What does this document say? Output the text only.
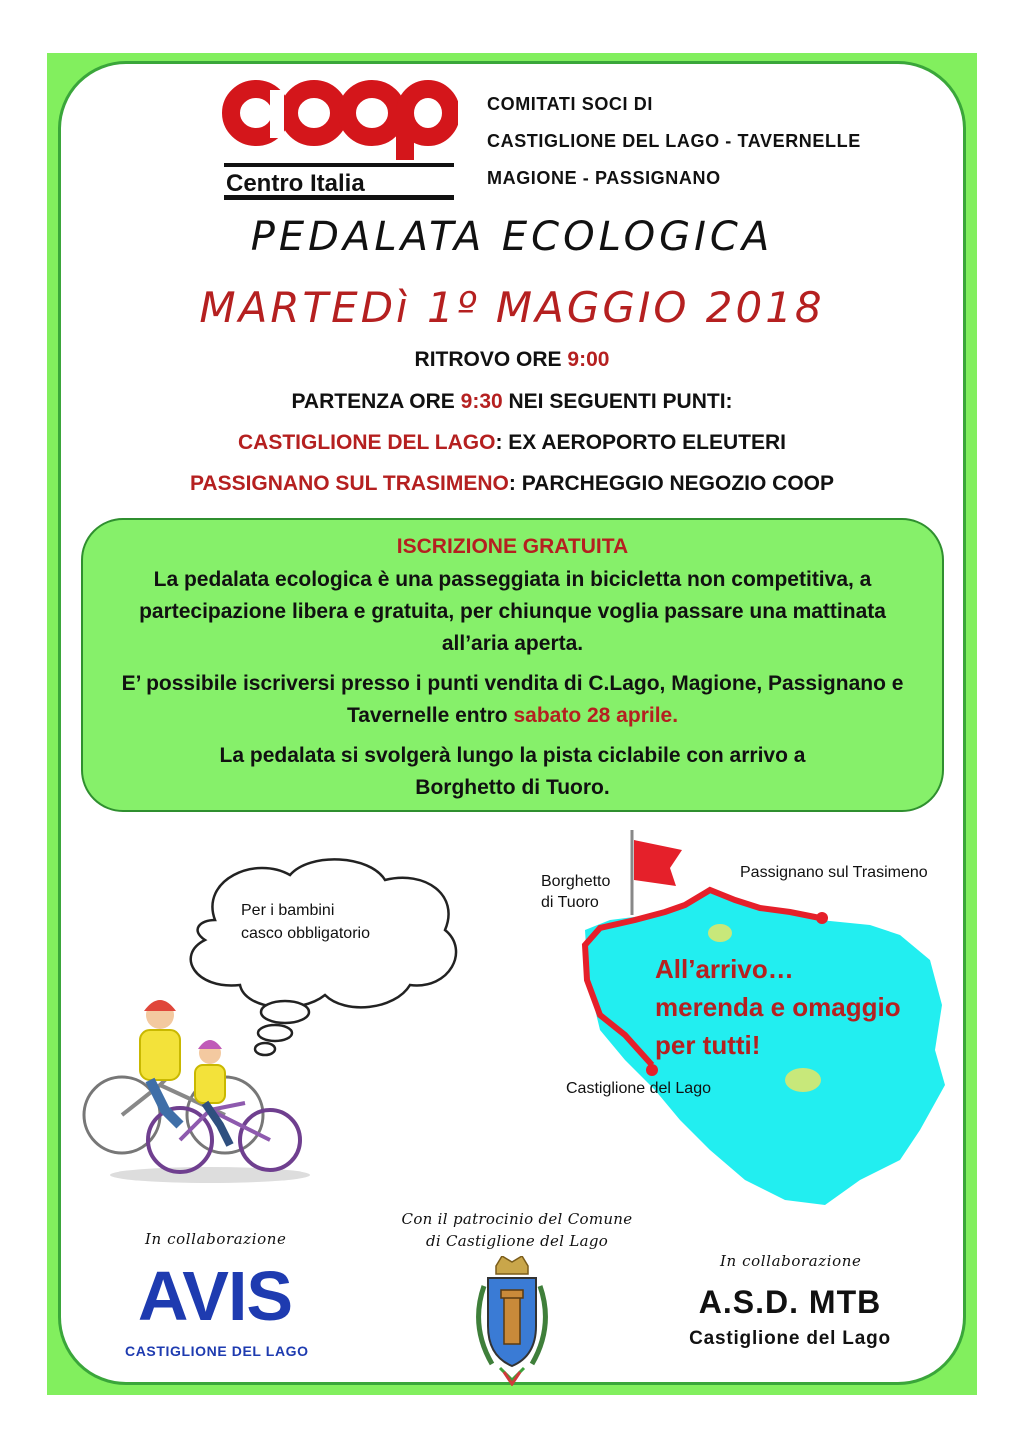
Centro Italia
COMITATI SOCI DI
CASTIGLIONE DEL LAGO - TAVERNELLE
MAGIONE - PASSIGNANO
PEDALATA ECOLOGICA
MARTEDì 1º MAGGIO 2018
RITROVO ORE 9:00
PARTENZA ORE 9:30 NEI SEGUENTI PUNTI:
CASTIGLIONE DEL LAGO: EX AEROPORTO ELEUTERI
PASSIGNANO SUL TRASIMENO: PARCHEGGIO NEGOZIO COOP
ISCRIZIONE GRATUITA

La pedalata ecologica è una passeggiata in bicicletta non competitiva, a partecipazione libera e gratuita, per chiunque voglia passare una mattinata all’aria aperta.

E’ possibile iscriversi presso i punti vendita di C.Lago, Magione, Passignano e Tavernelle entro sabato 28 aprile.

La pedalata si svolgerà lungo la pista ciclabile con arrivo a Borghetto di Tuoro.

Per i bambini
casco obbligatorio
Borghetto
di Tuoro
Passignano sul Trasimeno
Castiglione del Lago
All’arrivo…
merenda e omaggio
per tutti!
In collaborazione
AVIS
CASTIGLIONE DEL LAGO
Con il patrocinio del Comune
di Castiglione del Lago
In collaborazione
A.S.D. MTB
Castiglione del Lago
